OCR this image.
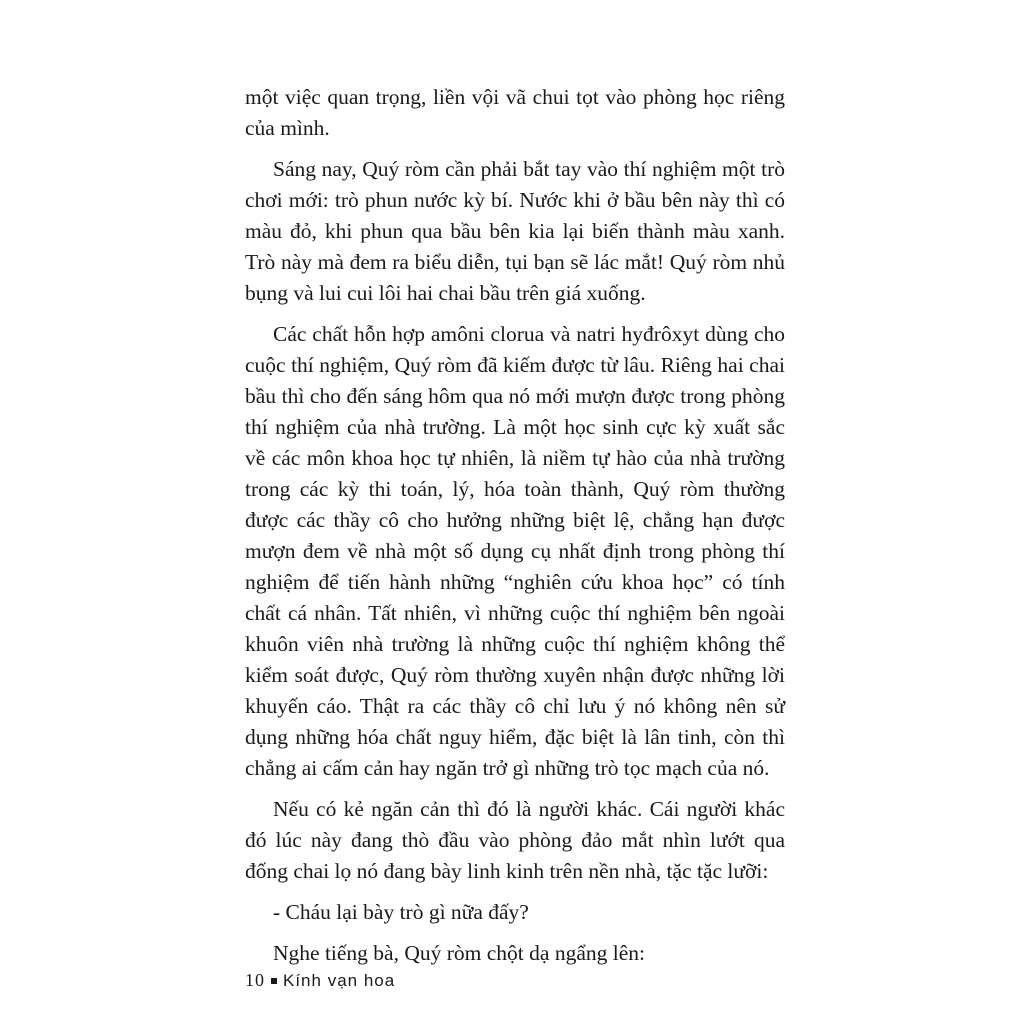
một việc quan trọng, liền vội vã chui tọt vào phòng học riêng của mình.

Sáng nay, Quý ròm cần phải bắt tay vào thí nghiệm một trò chơi mới: trò phun nước kỳ bí. Nước khi ở bầu bên này thì có màu đỏ, khi phun qua bầu bên kia lại biến thành màu xanh. Trò này mà đem ra biểu diễn, tụi bạn sẽ lác mắt! Quý ròm nhủ bụng và lui cui lôi hai chai bầu trên giá xuống.

Các chất hỗn hợp amôni clorua và natri hyđrôxyt dùng cho cuộc thí nghiệm, Quý ròm đã kiếm được từ lâu. Riêng hai chai bầu thì cho đến sáng hôm qua nó mới mượn được trong phòng thí nghiệm của nhà trường. Là một học sinh cực kỳ xuất sắc về các môn khoa học tự nhiên, là niềm tự hào của nhà trường trong các kỳ thi toán, lý, hóa toàn thành, Quý ròm thường được các thầy cô cho hưởng những biệt lệ, chẳng hạn được mượn đem về nhà một số dụng cụ nhất định trong phòng thí nghiệm để tiến hành những “nghiên cứu khoa học” có tính chất cá nhân. Tất nhiên, vì những cuộc thí nghiệm bên ngoài khuôn viên nhà trường là những cuộc thí nghiệm không thể kiểm soát được, Quý ròm thường xuyên nhận được những lời khuyến cáo. Thật ra các thầy cô chỉ lưu ý nó không nên sử dụng những hóa chất nguy hiểm, đặc biệt là lân tinh, còn thì chẳng ai cấm cản hay ngăn trở gì những trò tọc mạch của nó.

Nếu có kẻ ngăn cản thì đó là người khác. Cái người khác đó lúc này đang thò đầu vào phòng đảo mắt nhìn lướt qua đống chai lọ nó đang bày linh kinh trên nền nhà, tặc tặc lưỡi:

- Cháu lại bày trò gì nữa đấy?

Nghe tiếng bà, Quý ròm chột dạ ngẩng lên:

10 Kính vạn hoa
